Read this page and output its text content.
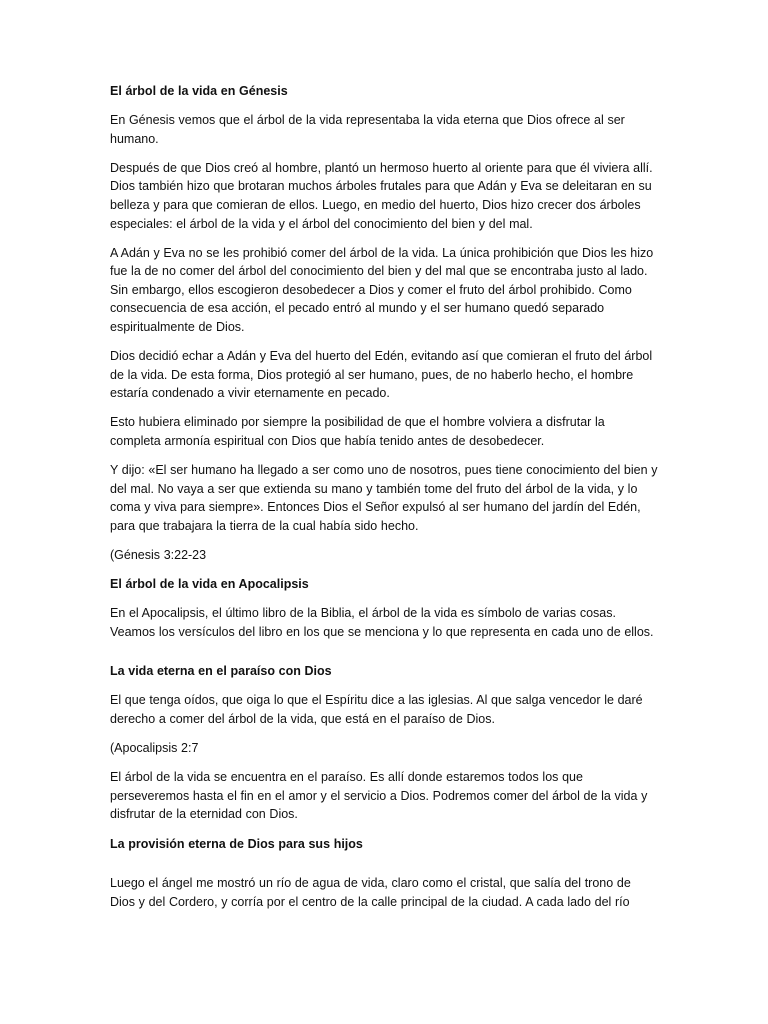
El árbol de la vida en Génesis

En Génesis vemos que el árbol de la vida representaba la vida eterna que Dios ofrece al ser humano.

Después de que Dios creó al hombre, plantó un hermoso huerto al oriente para que él viviera allí. Dios también hizo que brotaran muchos árboles frutales para que Adán y Eva se deleitaran en su belleza y para que comieran de ellos. Luego, en medio del huerto, Dios hizo crecer dos árboles especiales: el árbol de la vida y el árbol del conocimiento del bien y del mal.

A Adán y Eva no se les prohibió comer del árbol de la vida. La única prohibición que Dios les hizo fue la de no comer del árbol del conocimiento del bien y del mal que se encontraba justo al lado. Sin embargo, ellos escogieron desobedecer a Dios y comer el fruto del árbol prohibido. Como consecuencia de esa acción, el pecado entró al mundo y el ser humano quedó separado espiritualmente de Dios.

Dios decidió echar a Adán y Eva del huerto del Edén, evitando así que comieran el fruto del árbol de la vida. De esta forma, Dios protegió al ser humano, pues, de no haberlo hecho, el hombre estaría condenado a vivir eternamente en pecado.

Esto hubiera eliminado por siempre la posibilidad de que el hombre volviera a disfrutar la completa armonía espiritual con Dios que había tenido antes de desobedecer.

Y dijo: «El ser humano ha llegado a ser como uno de nosotros, pues tiene conocimiento del bien y del mal. No vaya a ser que extienda su mano y también tome del fruto del árbol de la vida, y lo coma y viva para siempre». Entonces Dios el Señor expulsó al ser humano del jardín del Edén, para que trabajara la tierra de la cual había sido hecho.

(Génesis 3:22-23

El árbol de la vida en Apocalipsis

En el Apocalipsis, el último libro de la Biblia, el árbol de la vida es símbolo de varias cosas. Veamos los versículos del libro en los que se menciona y lo que representa en cada uno de ellos.

La vida eterna en el paraíso con Dios

El que tenga oídos, que oiga lo que el Espíritu dice a las iglesias. Al que salga vencedor le daré derecho a comer del árbol de la vida, que está en el paraíso de Dios.

(Apocalipsis 2:7

El árbol de la vida se encuentra en el paraíso. Es allí donde estaremos todos los que perseveremos hasta el fin en el amor y el servicio a Dios. Podremos comer del árbol de la vida y disfrutar de la eternidad con Dios.

La provisión eterna de Dios para sus hijos

Luego el ángel me mostró un río de agua de vida, claro como el cristal, que salía del trono de Dios y del Cordero, y corría por el centro de la calle principal de la ciudad. A cada lado del río
